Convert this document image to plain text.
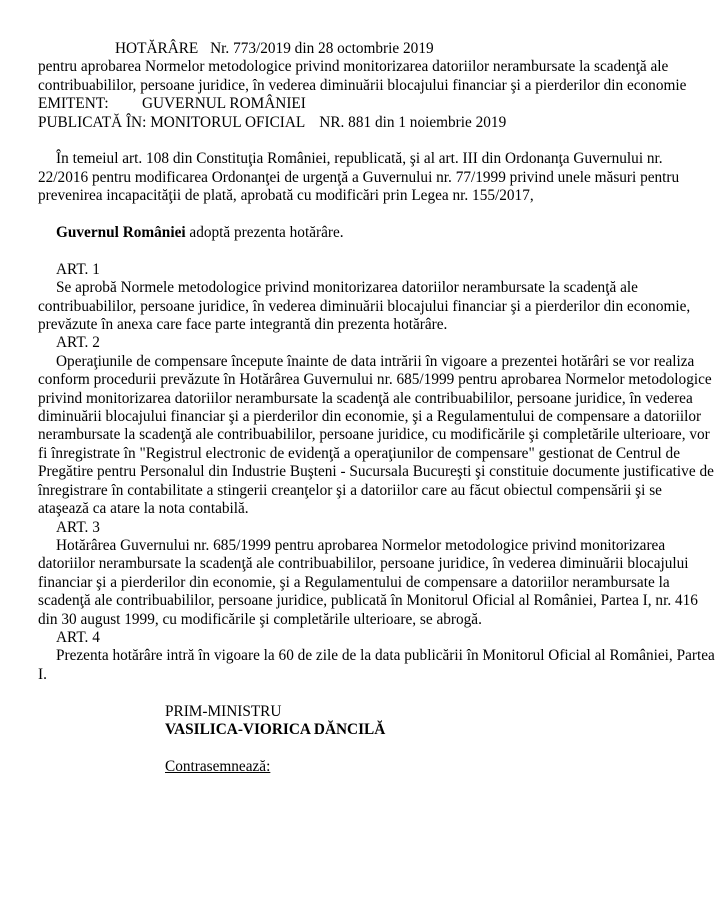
HOTĂRÂRE Nr. 773/2019 din 28 octombrie 2019

pentru aprobarea Normelor metodologice privind monitorizarea datoriilor nerambursate la scadenţă ale contribuabililor, persoane juridice, în vederea diminuării blocajului financiar şi a pierderilor din economie

EMITENT: GUVERNUL ROMÂNIEI

PUBLICATĂ ÎN: MONITORUL OFICIAL NR. 881 din 1 noiembrie 2019

În temeiul art. 108 din Constituţia României, republicată, şi al art. III din Ordonanţa Guvernului nr. 22/2016 pentru modificarea Ordonanţei de urgenţă a Guvernului nr. 77/1999 privind unele măsuri pentru prevenirea incapacităţii de plată, aprobată cu modificări prin Legea nr. 155/2017,

Guvernul României adoptă prezenta hotărâre.

ART. 1

Se aprobă Normele metodologice privind monitorizarea datoriilor nerambursate la scadenţă ale contribuabililor, persoane juridice, în vederea diminuării blocajului financiar şi a pierderilor din economie, prevăzute în anexa care face parte integrantă din prezenta hotărâre.

ART. 2

Operaţiunile de compensare începute înainte de data intrării în vigoare a prezentei hotărâri se vor realiza conform procedurii prevăzute în Hotărârea Guvernului nr. 685/1999 pentru aprobarea Normelor metodologice privind monitorizarea datoriilor nerambursate la scadenţă ale contribuabililor, persoane juridice, în vederea diminuării blocajului financiar şi a pierderilor din economie, şi a Regulamentului de compensare a datoriilor nerambursate la scadenţă ale contribuabililor, persoane juridice, cu modificările şi completările ulterioare, vor fi înregistrate în "Registrul electronic de evidenţă a operaţiunilor de compensare" gestionat de Centrul de Pregătire pentru Personalul din Industrie Buşteni - Sucursala Bucureşti şi constituie documente justificative de înregistrare în contabilitate a stingerii creanţelor şi a datoriilor care au făcut obiectul compensării şi se ataşează ca atare la nota contabilă.

ART. 3

Hotărârea Guvernului nr. 685/1999 pentru aprobarea Normelor metodologice privind monitorizarea datoriilor nerambursate la scadenţă ale contribuabililor, persoane juridice, în vederea diminuării blocajului financiar şi a pierderilor din economie, şi a Regulamentului de compensare a datoriilor nerambursate la scadenţă ale contribuabililor, persoane juridice, publicată în Monitorul Oficial al României, Partea I, nr. 416 din 30 august 1999, cu modificările şi completările ulterioare, se abrogă.

ART. 4

Prezenta hotărâre intră în vigoare la 60 de zile de la data publicării în Monitorul Oficial al României, Partea I.

PRIM-MINISTRU

VASILICA-VIORICA DĂNCILĂ

Contrasemnează:
